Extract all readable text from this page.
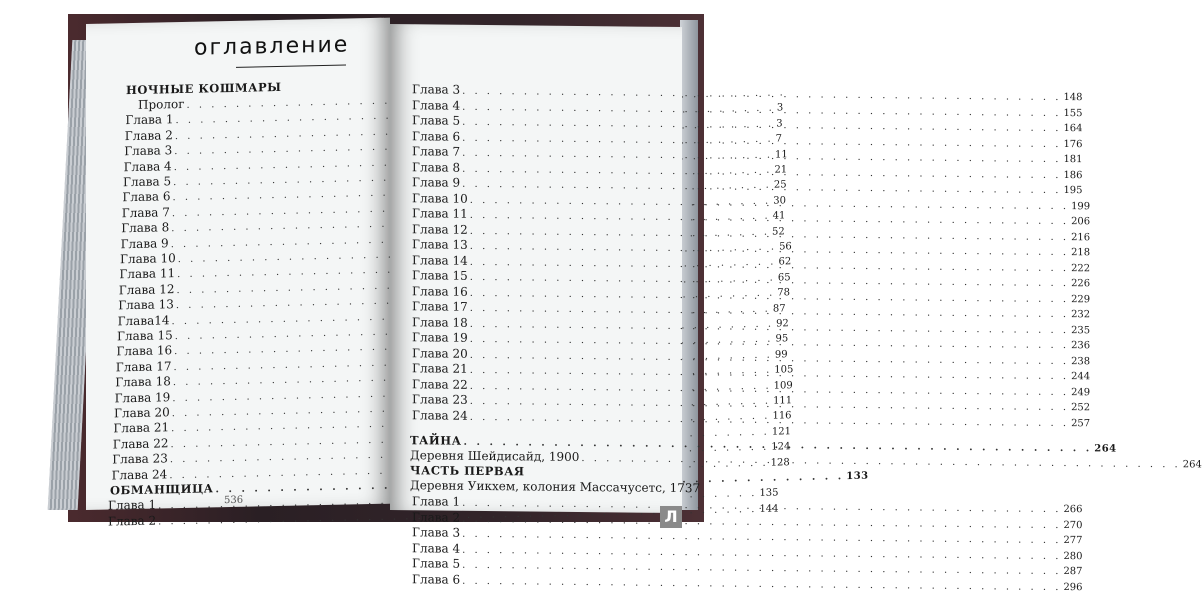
оглавление
НОЧНЫЕ КОШМАРЫ
Пролог
. . .
Глава 1
. . .
3
Глава 2
. . .
3
Глава 3
. . .
7
Глава 4
. . .
11
Глава 5
. . .
21
Глава 6
. . .
25
Глава 7
. . .
30
Глава 8
. . .
41
Глава 9
. . .
52
Глава 10
. . .
56
Глава 11
. . .
62
Глава 12
. . .
65
Глава 13
. . .
78
Глава14
. . .
87
Глава 15
. . .
92
Глава 16
. . .
95
Глава 17
. . .
99
Глава 18
. . .
105
Глава 19
. . .
109
Глава 20
. . .
111
Глава 21
. . .
116
Глава 22
. . .
121
Глава 23
. . .
124
Глава 24
. . .
128
ОБМАНЩИЦА
. . .
133
Глава 1
. . .
135
Глава 2
. . .
144
536
Глава 3
. . .
148
Глава 4
. . .
155
Глава 5
. . .
164
Глава 6
. . .
176
Глава 7
. . .
181
Глава 8
. . .
186
Глава 9
. . .
195
Глава 10
. . .
199
Глава 11
. . .
206
Глава 12
. . .
216
Глава 13
. . .
218
Глава 14
. . .
222
Глава 15
. . .
226
Глава 16
. . .
229
Глава 17
. . .
232
Глава 18
. . .
235
Глава 19
. . .
236
Глава 20
. . .
238
Глава 21
. . .
244
Глава 22
. . .
249
Глава 23
. . .
252
Глава 24
. . .
257
ТАЙНА
. . .
264
Деревня Шейдисайд, 1900
. . .
264
ЧАСТЬ ПЕРВАЯ
Деревня Уикхем, колония Массачусетс, 1737
Глава 1
. . .
266
Глава 2
. . .
270
Глава 3
. . .
277
Глава 4
. . .
280
Глава 5
. . .
287
Глава 6
. . .
296
Л
